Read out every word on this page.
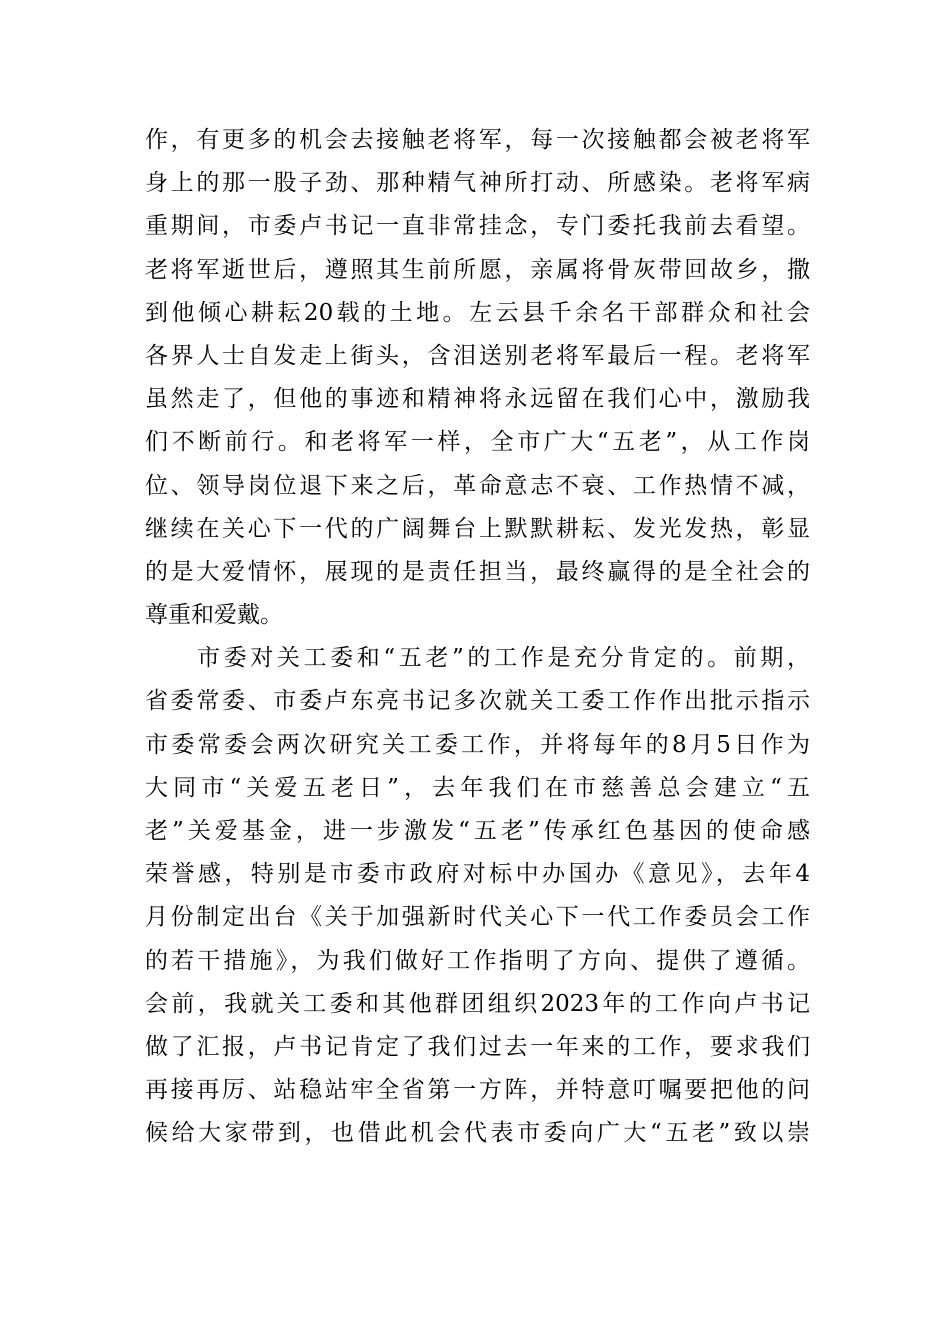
作，有更多的机会去接触老将军，每一次接触都会被老将军
身上的那一股子劲、那种精气神所打动、所感染。老将军病
重期间，市委卢书记一直非常挂念，专门委托我前去看望。
老将军逝世后，遵照其生前所愿，亲属将骨灰带回故乡，撒
到他倾心耕耘20载的土地。左云县千余名干部群众和社会
各界人士自发走上街头，含泪送别老将军最后一程。老将军
虽然走了，但他的事迹和精神将永远留在我们心中，激励我
们不断前行。和老将军一样，全市广大“五老”，从工作岗
位、领导岗位退下来之后，革命意志不衰、工作热情不减，
继续在关心下一代的广阔舞台上默默耕耘、发光发热，彰显
的是大爱情怀，展现的是责任担当，最终赢得的是全社会的
尊重和爱戴。
市委对关工委和“五老”的工作是充分肯定的。前期，
省委常委、市委卢东亮书记多次就关工委工作作出批示指示
市委常委会两次研究关工委工作，并将每年的8月5日作为
大同市“关爱五老日”，去年我们在市慈善总会建立“五
老”关爱基金，进一步激发“五老”传承红色基因的使命感
荣誉感，特别是市委市政府对标中办国办《意见》，去年4
月份制定出台《关于加强新时代关心下一代工作委员会工作
的若干措施》，为我们做好工作指明了方向、提供了遵循。
会前，我就关工委和其他群团组织2023年的工作向卢书记
做了汇报，卢书记肯定了我们过去一年来的工作，要求我们
再接再厉、站稳站牢全省第一方阵，并特意叮嘱要把他的问
候给大家带到，也借此机会代表市委向广大“五老”致以崇
